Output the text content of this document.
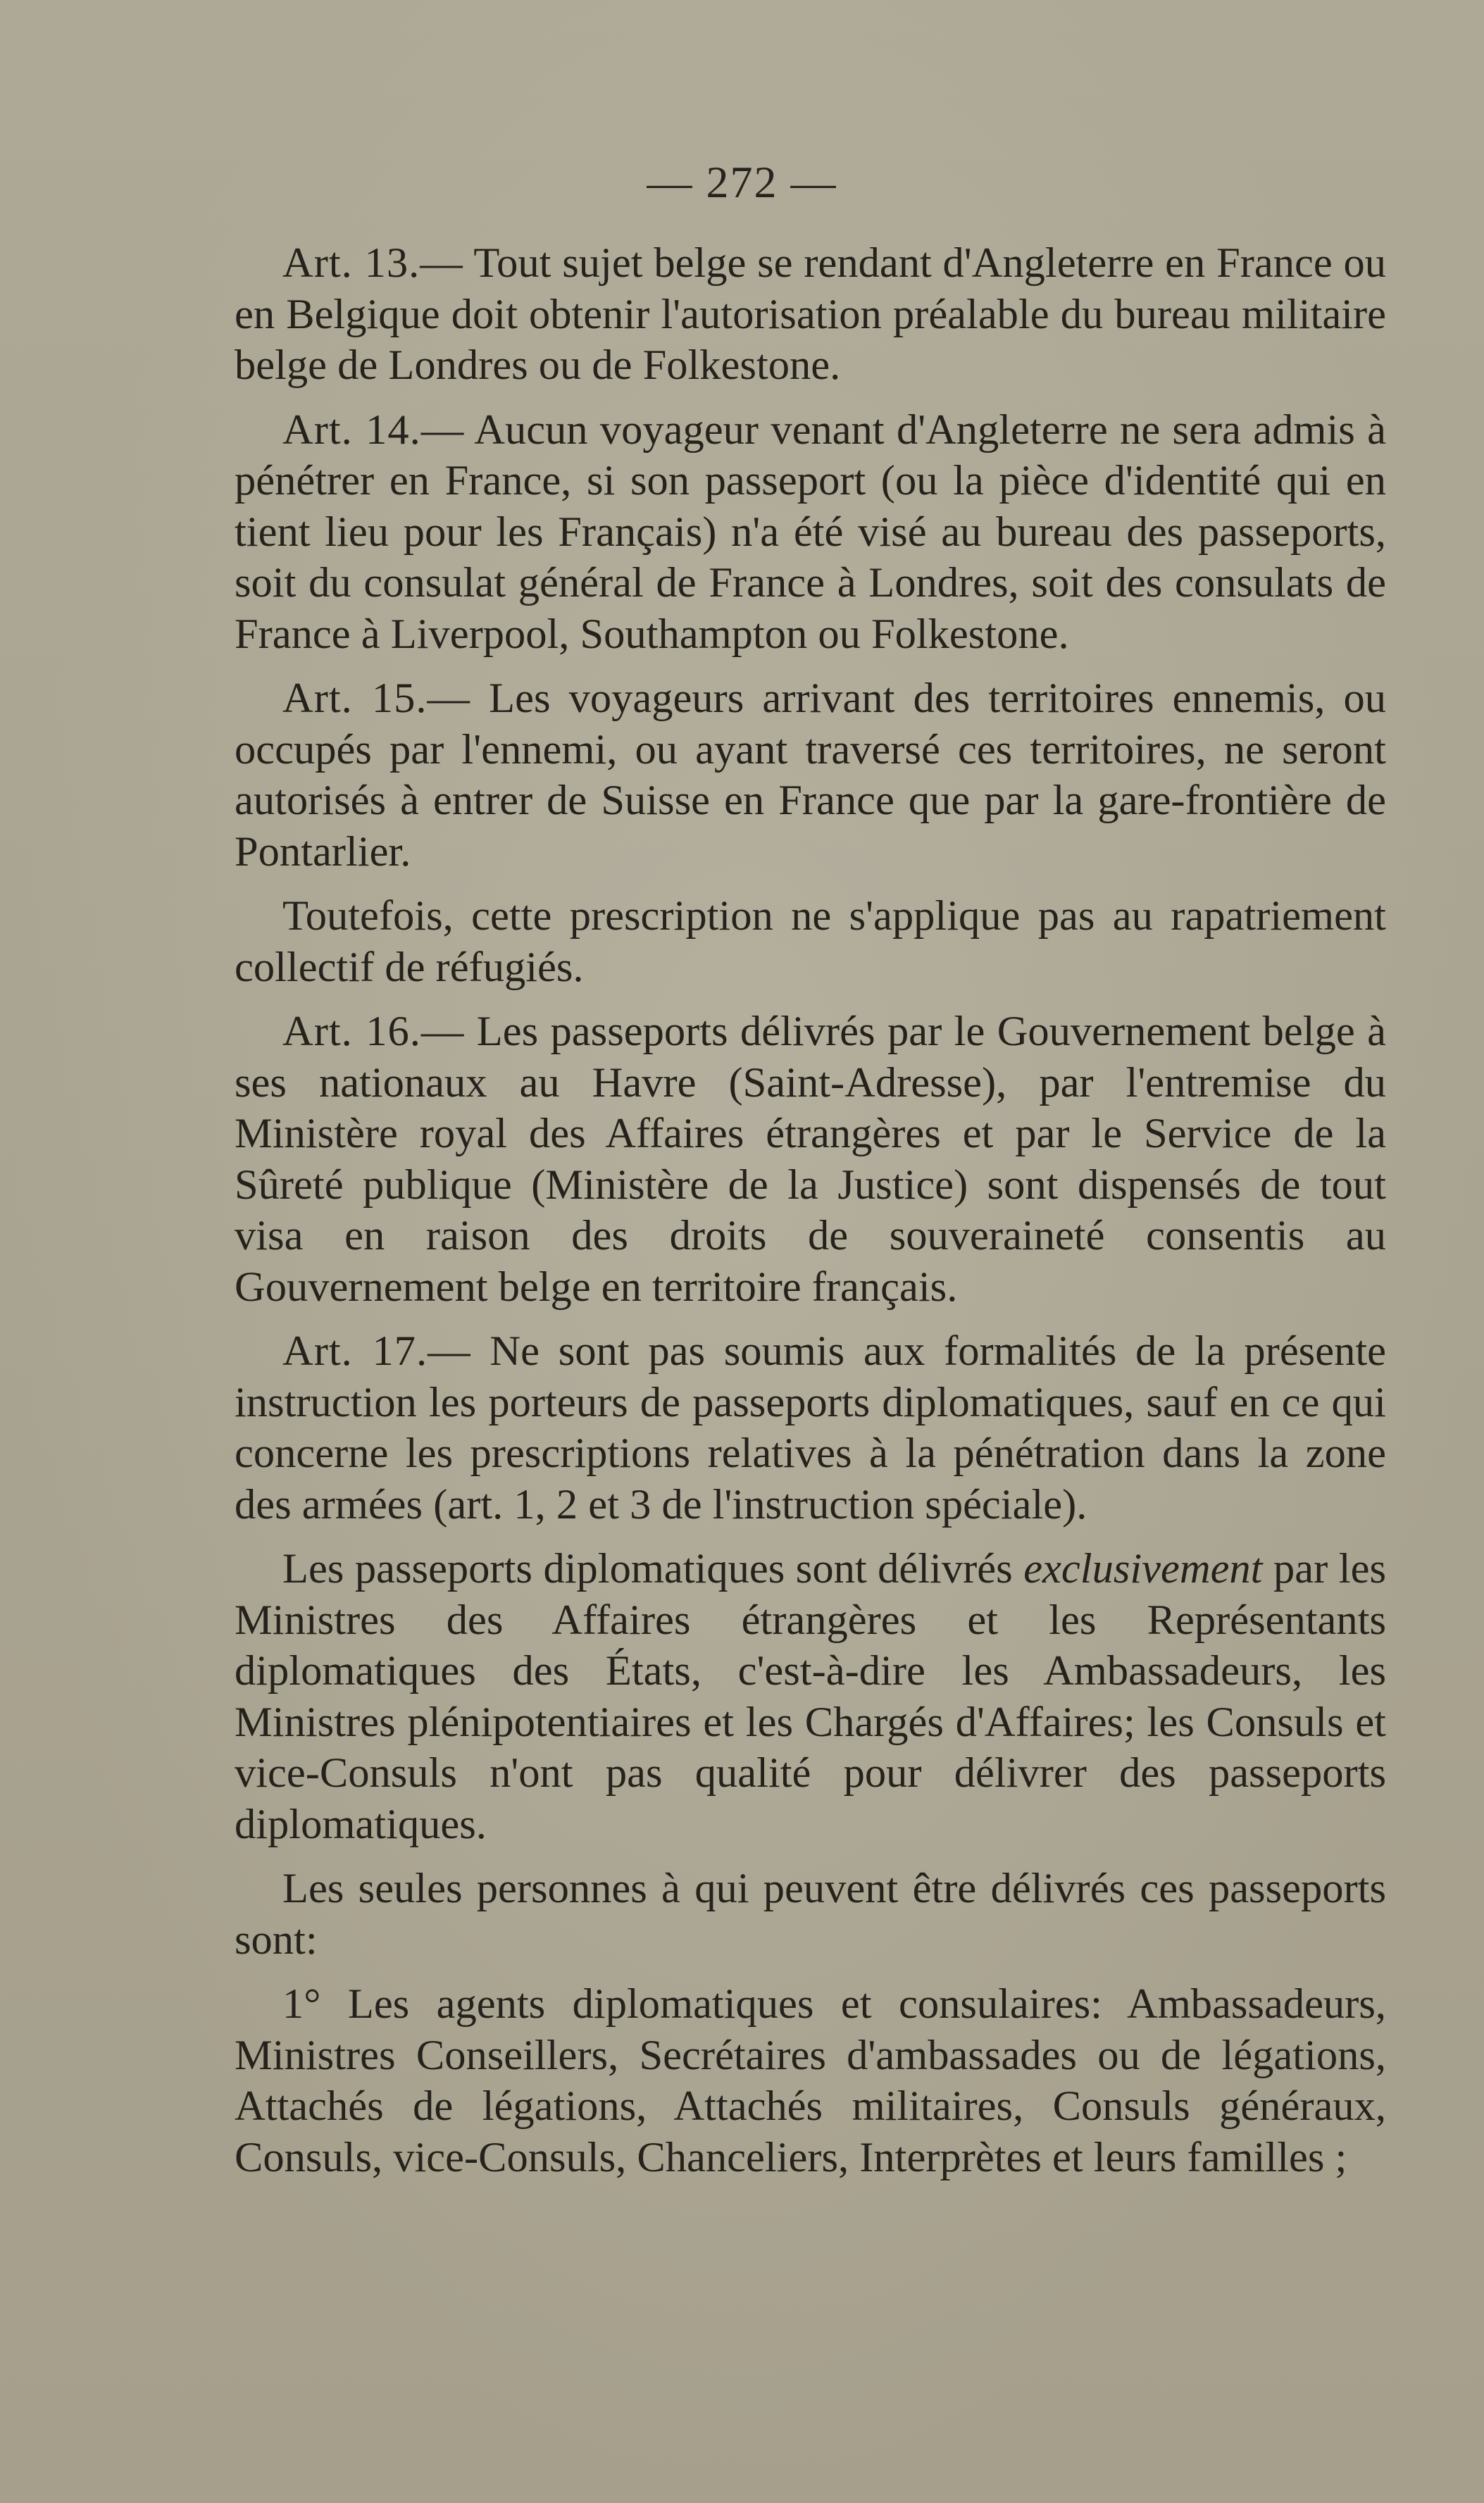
— 272 —

Art. 13.— Tout sujet belge se rendant d'Angleterre en France ou en Belgique doit obtenir l'autorisation préalable du bureau militaire belge de Londres ou de Folkestone.

Art. 14.— Aucun voyageur venant d'Angleterre ne sera admis à pénétrer en France, si son passeport (ou la pièce d'identité qui en tient lieu pour les Français) n'a été visé au bureau des passeports, soit du consulat général de France à Londres, soit des consulats de France à Liverpool, Southampton ou Folkestone.

Art. 15.— Les voyageurs arrivant des territoires ennemis, ou occupés par l'ennemi, ou ayant traversé ces territoires, ne seront autorisés à entrer de Suisse en France que par la gare-frontière de Pontarlier.

Toutefois, cette prescription ne s'applique pas au rapatriement collectif de réfugiés.

Art. 16.— Les passeports délivrés par le Gouvernement belge à ses nationaux au Havre (Saint-Adresse), par l'entremise du Ministère royal des Affaires étrangères et par le Service de la Sûreté publique (Ministère de la Justice) sont dispensés de tout visa en raison des droits de souveraineté consentis au Gouvernement belge en territoire français.

Art. 17.— Ne sont pas soumis aux formalités de la présente instruction les porteurs de passeports diplomatiques, sauf en ce qui concerne les prescriptions relatives à la pénétration dans la zone des armées (art. 1, 2 et 3 de l'instruction spéciale).

Les passeports diplomatiques sont délivrés exclusivement par les Ministres des Affaires étrangères et les Représentants diplomatiques des États, c'est-à-dire les Ambassadeurs, les Ministres plénipotentiaires et les Chargés d'Affaires; les Consuls et vice-Consuls n'ont pas qualité pour délivrer des passeports diplomatiques.

Les seules personnes à qui peuvent être délivrés ces passeports sont:

1° Les agents diplomatiques et consulaires: Ambassadeurs, Ministres Conseillers, Secrétaires d'ambassades ou de légations, Attachés de légations, Attachés militaires, Consuls généraux, Consuls, vice-Consuls, Chanceliers, Interprètes et leurs familles ;
